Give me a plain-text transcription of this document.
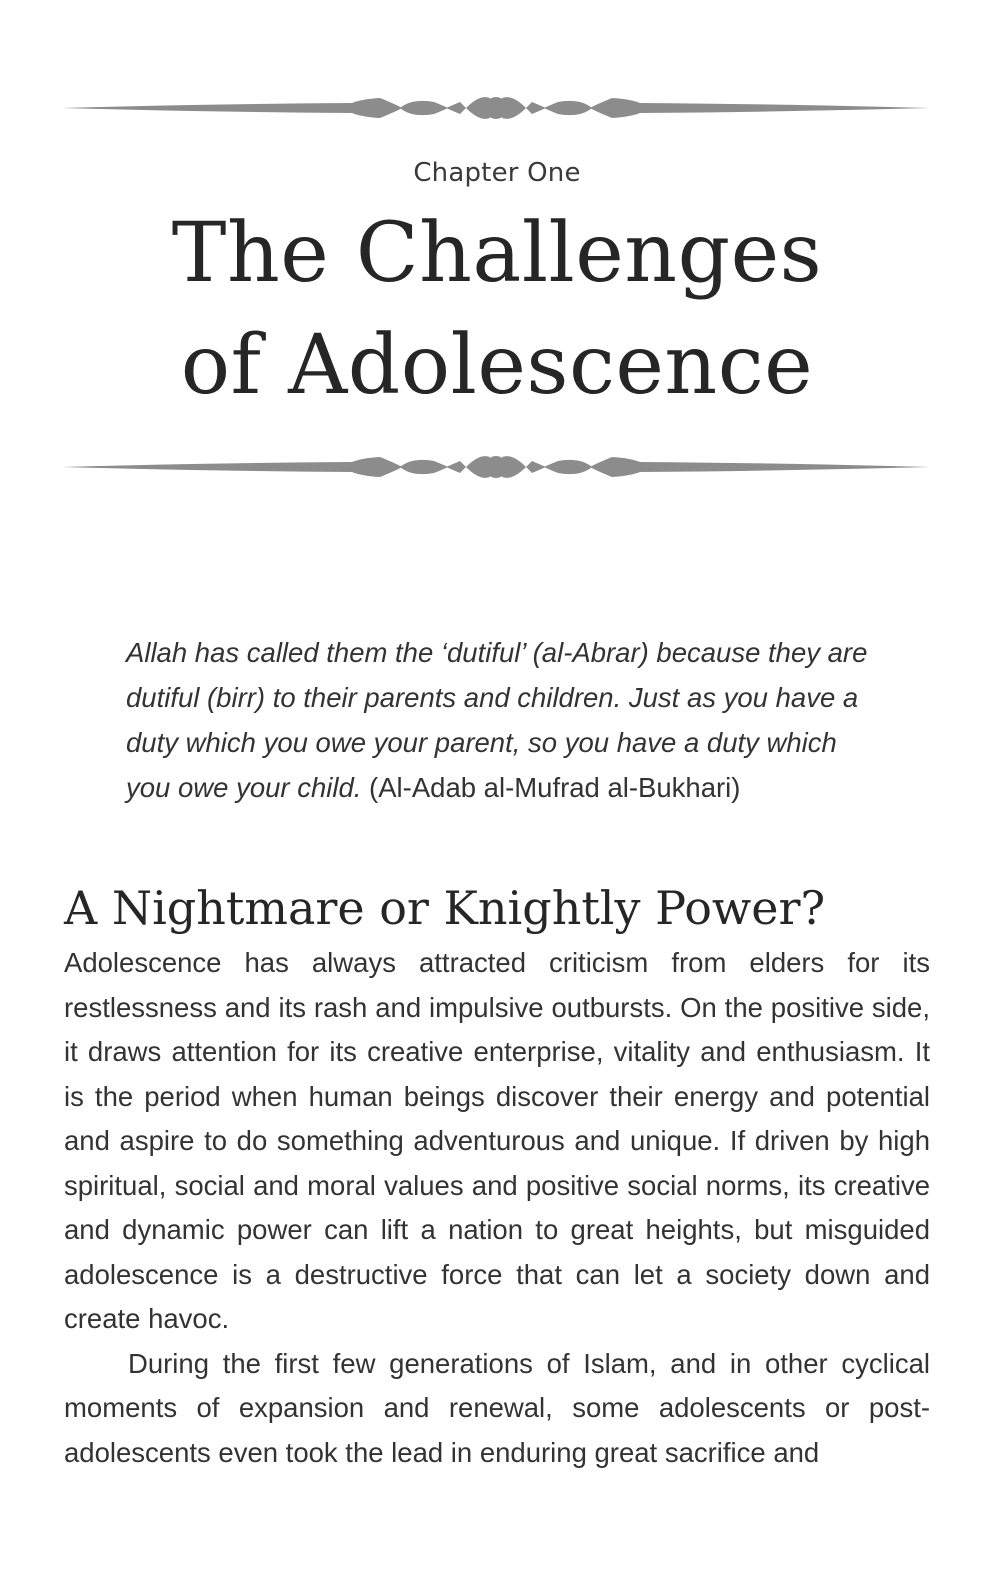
Chapter One
The Challenges
of Adolescence

Allah has called them the ‘dutiful’ (al-Abrar) because they are dutiful (birr) to their parents and children. Just as you have a duty which you owe your parent, so you have a duty which you owe your child. (Al-Adab al-Mufrad al-Bukhari)

A Nightmare or Knightly Power?

Adolescence has always attracted criticism from elders for its restlessness and its rash and impulsive outbursts. On the positive side, it draws attention for its creative enterprise, vitality and enthusiasm. It is the period when human beings discover their energy and potential and aspire to do something adventurous and unique. If driven by high spiritual, social and moral values and positive social norms, its creative and dynamic power can lift a nation to great heights, but misguided adolescence is a destructive force that can let a society down and create havoc.

During the first few generations of Islam, and in other cyclical moments of expansion and renewal, some adolescents or post-adolescents even took the lead in enduring great sacrifice and
